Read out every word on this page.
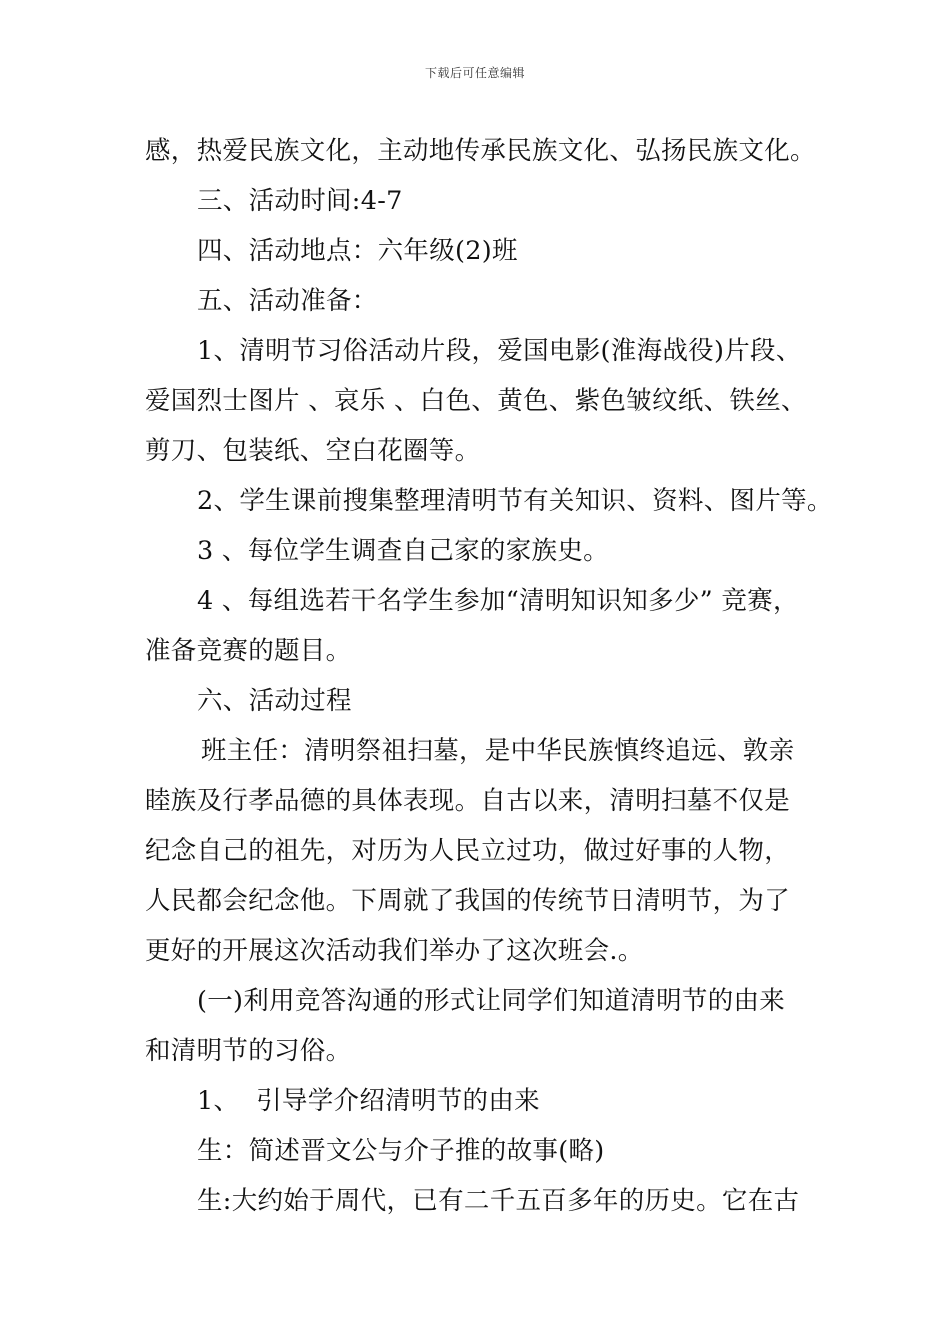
下载后可任意编辑
感，热爱民族文化，主动地传承民族文化、弘扬民族文化。
三、活动时间:4-7
四、活动地点：六年级(2)班
五、活动准备：
1、清明节习俗活动片段，爱国电影(淮海战役)片段、
爱国烈士图片 、哀乐 、白色、黄色、紫色皱纹纸、铁丝、
剪刀、包装纸、空白花圈等。
2、学生课前搜集整理清明节有关知识、资料、图片等。
3 、每位学生调查自己家的家族史。
4 、每组选若干名学生参加“清明知识知多少” 竞赛，
准备竞赛的题目。
六、活动过程
班主任：清明祭祖扫墓，是中华民族慎终追远、敦亲
睦族及行孝品德的具体表现。自古以来，清明扫墓不仅是
纪念自己的祖先，对历为人民立过功，做过好事的人物，
人民都会纪念他。下周就了我国的传统节日清明节，为了
更好的开展这次活动我们举办了这次班会.。
(一)利用竞答沟通的形式让同学们知道清明节的由来
和清明节的习俗。
1、  引导学介绍清明节的由来
生：简述晋文公与介子推的故事(略)
生:大约始于周代，已有二千五百多年的历史。它在古
